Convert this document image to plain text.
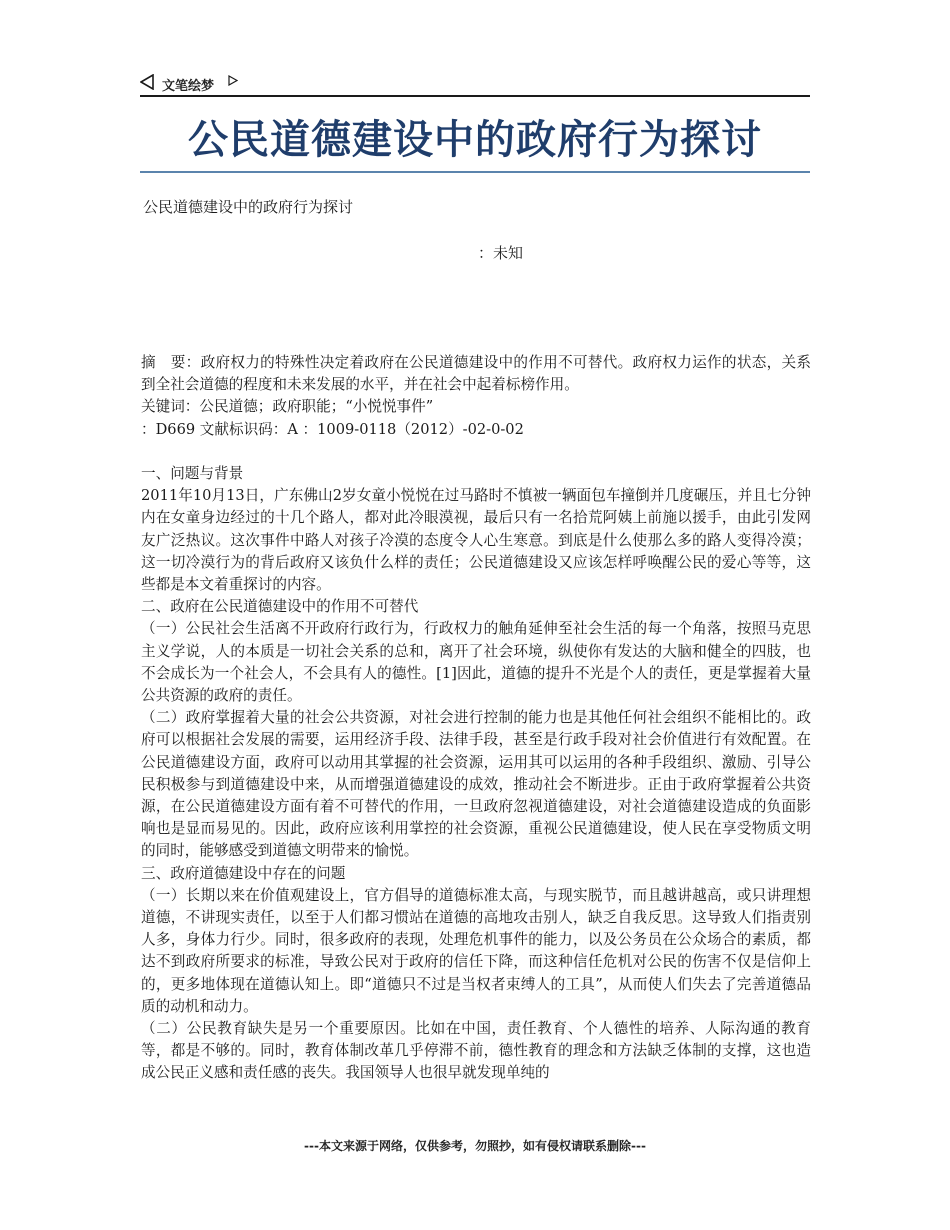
文笔绘梦
公民道德建设中的政府行为探讨
公民道德建设中的政府行为探讨
：未知

摘　要：政府权力的特殊性决定着政府在公民道德建设中的作用不可替代。政府权力运作的状态，关系到全社会道德的程度和未来发展的水平，并在社会中起着标榜作用。

关键词：公民道德；政府职能；“小悦悦事件”

：D669 文献标识码：A ：1009-0118（2012）-02-0-02

一、问题与背景

2011年10月13日，广东佛山2岁女童小悦悦在过马路时不慎被一辆面包车撞倒并几度碾压，并且七分钟内在女童身边经过的十几个路人，都对此冷眼漠视，最后只有一名拾荒阿姨上前施以援手，由此引发网友广泛热议。这次事件中路人对孩子冷漠的态度令人心生寒意。到底是什么使那么多的路人变得冷漠；这一切冷漠行为的背后政府又该负什么样的责任；公民道德建设又应该怎样呼唤醒公民的爱心等等，这些都是本文着重探讨的内容。

二、政府在公民道德建设中的作用不可替代

（一）公民社会生活离不开政府行政行为，行政权力的触角延伸至社会生活的每一个角落，按照马克思主义学说，人的本质是一切社会关系的总和，离开了社会环境，纵使你有发达的大脑和健全的四肢，也不会成长为一个社会人，不会具有人的德性。[1]因此，道德的提升不光是个人的责任，更是掌握着大量公共资源的政府的责任。

（二）政府掌握着大量的社会公共资源，对社会进行控制的能力也是其他任何社会组织不能相比的。政府可以根据社会发展的需要，运用经济手段、法律手段，甚至是行政手段对社会价值进行有效配置。在公民道德建设方面，政府可以动用其掌握的社会资源，运用其可以运用的各种手段组织、激励、引导公民积极参与到道德建设中来，从而增强道德建设的成效，推动社会不断进步。正由于政府掌握着公共资源，在公民道德建设方面有着不可替代的作用，一旦政府忽视道德建设，对社会道德建设造成的负面影响也是显而易见的。因此，政府应该利用掌控的社会资源，重视公民道德建设，使人民在享受物质文明的同时，能够感受到道德文明带来的愉悦。

三、政府道德建设中存在的问题

（一）长期以来在价值观建设上，官方倡导的道德标准太高，与现实脱节，而且越讲越高，或只讲理想道德，不讲现实责任，以至于人们都习惯站在道德的高地攻击别人，缺乏自我反思。这导致人们指责别人多，身体力行少。同时，很多政府的表现，处理危机事件的能力，以及公务员在公众场合的素质，都达不到政府所要求的标准，导致公民对于政府的信任下降，而这种信任危机对公民的伤害不仅是信仰上的，更多地体现在道德认知上。即“道德只不过是当权者束缚人的工具”，从而使人们失去了完善道德品质的动机和动力。

（二）公民教育缺失是另一个重要原因。比如在中国，责任教育、个人德性的培养、人际沟通的教育等，都是不够的。同时，教育体制改革几乎停滞不前，德性教育的理念和方法缺乏体制的支撑，这也造成公民正义感和责任感的丧失。我国领导人也很早就发现单纯的

---本文来源于网络，仅供参考，勿照抄，如有侵权请联系删除---
